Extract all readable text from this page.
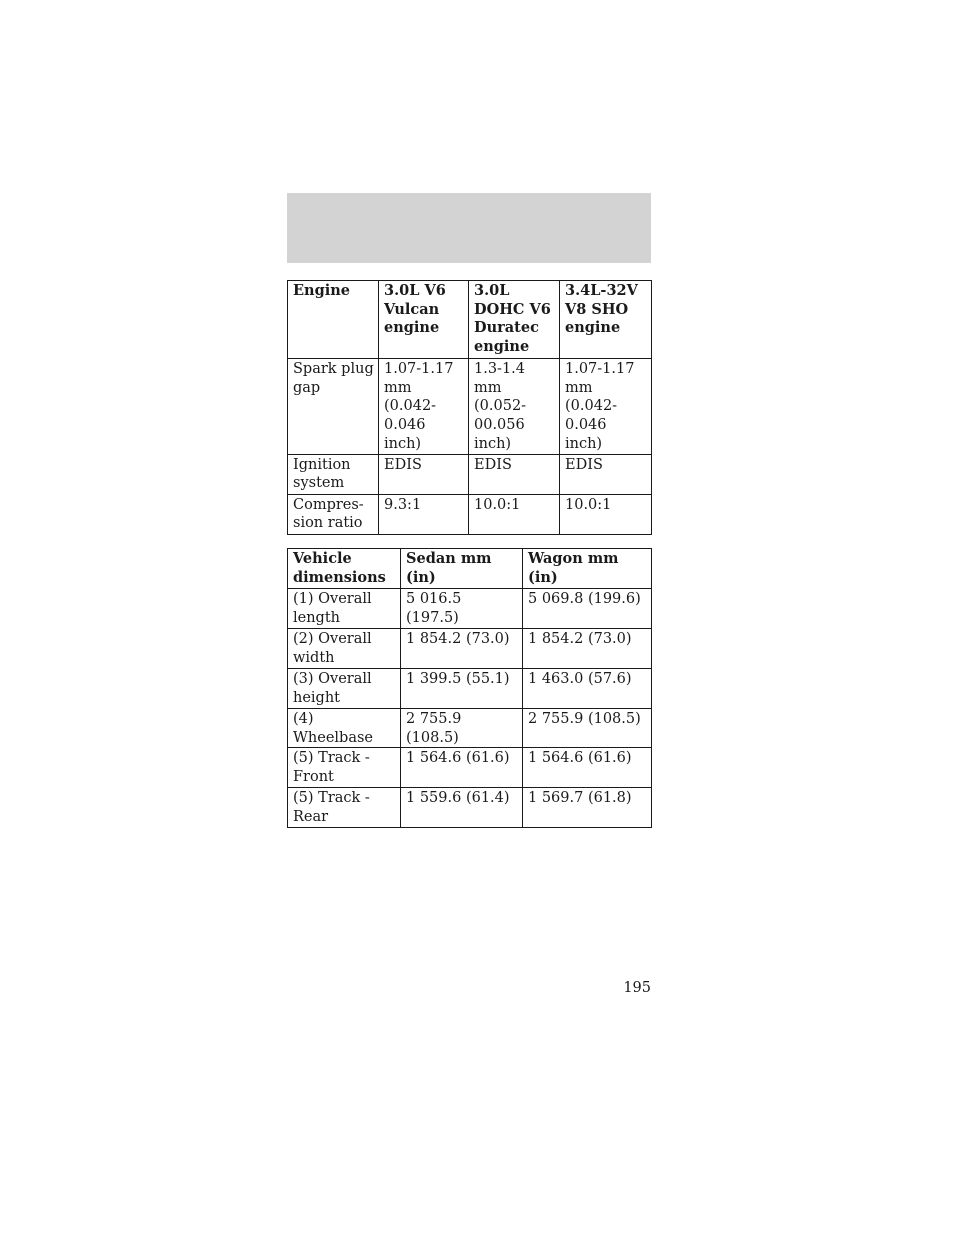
Engine	3.0L V6 Vulcan engine	3.0L DOHC V6 Duratec engine	3.4L-32V V8 SHO engine
Spark plug gap	1.07-1.17 mm (0.042-0.046 inch)	1.3-1.4 mm (0.052-00.056 inch)	1.07-1.17 mm (0.042-0.046 inch)
Ignition system	EDIS	EDIS	EDIS
Compres-sion ratio	9.3:1	10.0:1	10.0:1
Vehicle dimensions	Sedan mm (in)	Wagon mm (in)
(1) Overall length	5 016.5 (197.5)	5 069.8 (199.6)
(2) Overall width	1 854.2 (73.0)	1 854.2 (73.0)
(3) Overall height	1 399.5 (55.1)	1 463.0 (57.6)
(4) Wheelbase	2 755.9 (108.5)	2 755.9 (108.5)
(5) Track - Front	1 564.6 (61.6)	1 564.6 (61.6)
(5) Track - Rear	1 559.6 (61.4)	1 569.7 (61.8)
195
